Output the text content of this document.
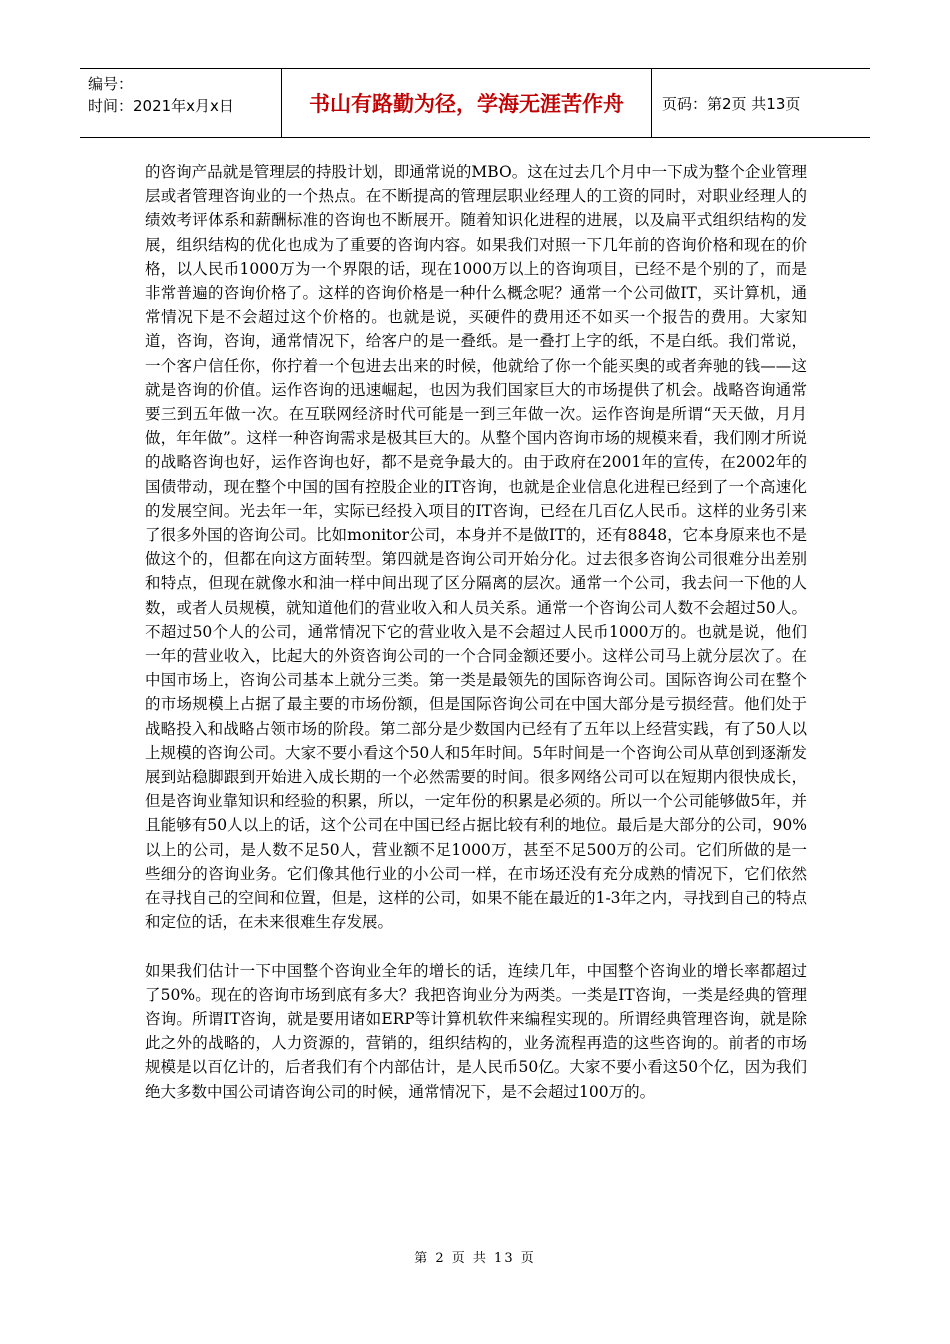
编号：
时间：2021年x月x日	书山有路勤为径，学海无涯苦作舟	页码：第2页 共13页

的咨询产品就是管理层的持股计划，即通常说的MBO。这在过去几个月中一下成为整个企业管理层或者管理咨询业的一个热点。在不断提高的管理层职业经理人的工资的同时，对职业经理人的绩效考评体系和薪酬标准的咨询也不断展开。随着知识化进程的进展，以及扁平式组织结构的发展，组织结构的优化也成为了重要的咨询内容。如果我们对照一下几年前的咨询价格和现在的价格，以人民币1000万为一个界限的话，现在1000万以上的咨询项目，已经不是个别的了，而是非常普遍的咨询价格了。这样的咨询价格是一种什么概念呢？通常一个公司做IT，买计算机，通常情况下是不会超过这个价格的。也就是说，买硬件的费用还不如买一个报告的费用。大家知道，咨询，咨询，通常情况下，给客户的是一叠纸。是一叠打上字的纸，不是白纸。我们常说，一个客户信任你，你拧着一个包进去出来的时候，他就给了你一个能买奥的或者奔驰的钱——这就是咨询的价值。运作咨询的迅速崛起，也因为我们国家巨大的市场提供了机会。战略咨询通常要三到五年做一次。在互联网经济时代可能是一到三年做一次。运作咨询是所谓“天天做，月月做，年年做”。这样一种咨询需求是极其巨大的。从整个国内咨询市场的规模来看，我们刚才所说的战略咨询也好，运作咨询也好，都不是竞争最大的。由于政府在2001年的宣传，在2002年的国债带动，现在整个中国的国有控股企业的IT咨询，也就是企业信息化进程已经到了一个高速化的发展空间。光去年一年，实际已经投入项目的IT咨询，已经在几百亿人民币。这样的业务引来了很多外国的咨询公司。比如monitor公司，本身并不是做IT的，还有8848，它本身原来也不是做这个的，但都在向这方面转型。第四就是咨询公司开始分化。过去很多咨询公司很难分出差别和特点，但现在就像水和油一样中间出现了区分隔离的层次。通常一个公司，我去问一下他的人数，或者人员规模，就知道他们的营业收入和人员关系。通常一个咨询公司人数不会超过50人。不超过50个人的公司，通常情况下它的营业收入是不会超过人民币1000万的。也就是说，他们一年的营业收入，比起大的外资咨询公司的一个合同金额还要小。这样公司马上就分层次了。在中国市场上，咨询公司基本上就分三类。第一类是最领先的国际咨询公司。国际咨询公司在整个的市场规模上占据了最主要的市场份额，但是国际咨询公司在中国大部分是亏损经营。他们处于战略投入和战略占领市场的阶段。第二部分是少数国内已经有了五年以上经营实践，有了50人以上规模的咨询公司。大家不要小看这个50人和5年时间。5年时间是一个咨询公司从草创到逐渐发展到站稳脚跟到开始进入成长期的一个必然需要的时间。很多网络公司可以在短期内很快成长，但是咨询业靠知识和经验的积累，所以，一定年份的积累是必须的。所以一个公司能够做5年，并且能够有50人以上的话，这个公司在中国已经占据比较有利的地位。最后是大部分的公司，90%以上的公司，是人数不足50人，营业额不足1000万，甚至不足500万的公司。它们所做的是一些细分的咨询业务。它们像其他行业的小公司一样，在市场还没有充分成熟的情况下，它们依然在寻找自己的空间和位置，但是，这样的公司，如果不能在最近的1-3年之内，寻找到自己的特点和定位的话，在未来很难生存发展。

如果我们估计一下中国整个咨询业全年的增长的话，连续几年，中国整个咨询业的增长率都超过了50%。现在的咨询市场到底有多大？我把咨询业分为两类。一类是IT咨询，一类是经典的管理咨询。所谓IT咨询，就是要用诸如ERP等计算机软件来编程实现的。所谓经典管理咨询，就是除此之外的战略的，人力资源的，营销的，组织结构的，业务流程再造的这些咨询的。前者的市场规模是以百亿计的，后者我们有个内部估计，是人民币50亿。大家不要小看这50个亿，因为我们绝大多数中国公司请咨询公司的时候，通常情况下，是不会超过100万的。

第 2 页 共 13 页
